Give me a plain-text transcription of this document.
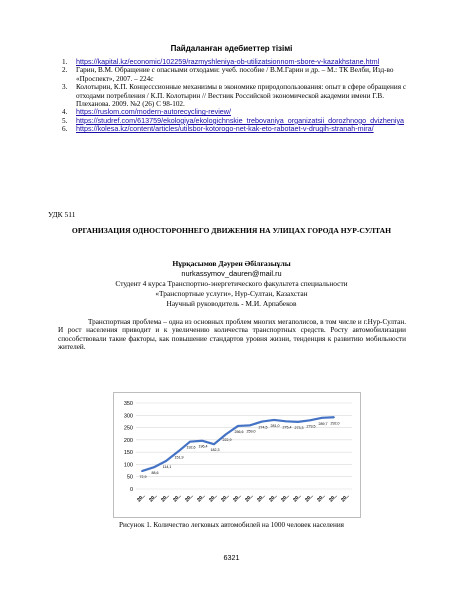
Пайдаланған әдебиеттер тізімі

1. https://kapital.kz/economic/102259/razmyshleniya-ob-utilizatsionnom-sbore-v-kazakhstane.html

2. Гарин, В.М. Обращение с опасными отходами: учеб. пособие / В.М.Гарин и др. – М.: ТК Велби, Изд-во «Проспект», 2007. – 224с

3. Колотырин, К.П. Концесссионные механизмы в экономике природопользования: опыт в сфере обращения с отходами потребления / К.П. Колотырин // Вестник Российской экономической академии имени Г.В. Плеханова. 2009. №2 (26) С 98-102.

4. https://ruslom.com/modern-autorecycling-review/

5. https://studref.com/613759/ekologiya/ekologichnskie_trebovaniya_organizatsii_dorozhnogo_dvizheniya

6. https://kolesa.kz/content/articles/utilsbor-kotorogo-net-kak-eto-rabotaet-v-drugih-stranah-mira/

УДК 511
ОРГАНИЗАЦИЯ ОДНОСТОРОННЕГО ДВИЖЕНИЯ НА УЛИЦАХ ГОРОДА НУР-СУЛТАН
Нұрқасымов Дәурен Әбілғазыұлы
nurkassymov_dauren@mail.ru
Студент 4 курса Транспортно-энергетического факультета специальности
«Транспортные услуги», Нур-Султан, Казахстан
Научный руководитель - М.И. Арпабеков
Транспортная проблема – одна из основных проблем многих мегаполисов, в том числе и г.Нур-Султан. И рост населения приводит и к увеличению количества транспортных средств. Росту автомобилизации способствовали такие факторы, как повышение стандартов уровня жизни, тенденция к развитию мобильности жителей.
0
50
100
150
200
250
300
350
20.. 20.. 20.. 20.. 20.. 20.. 20.. 20.. 20.. 20.. 20.. 20.. 20.. 20.. 20.. 20.. 20.. 20..
72,9
88,6
114,1
151,9
192,6 196,4
182,3
222,9
256,6 259,0
274,5 281,0 275,4 273,3 279,5
289,7 292,0
Рисунок 1. Количество легковых автомобилей на 1000 человек населения
6321
